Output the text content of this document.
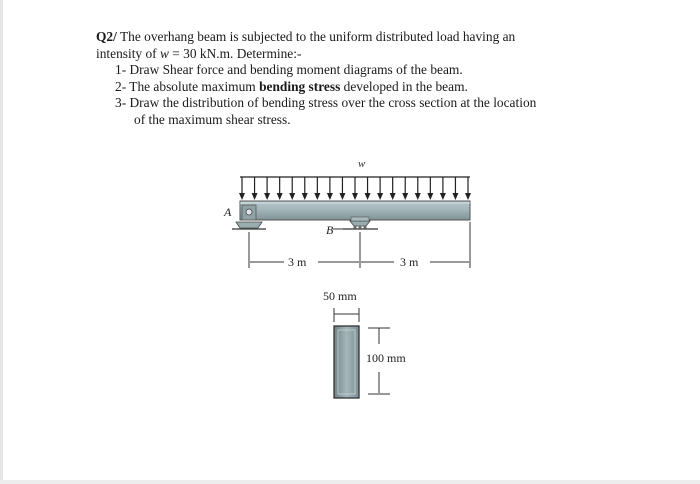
Q2/ The overhang beam is subjected to the uniform distributed load having an
intensity of w = 30 kN.m. Determine:-
1- Draw Shear force and bending moment diagrams of the beam.
2- The absolute maximum bending stress developed in the beam.
3- Draw the distribution of bending stress over the cross section at the location
of the maximum shear stress.
w
A
B
3 m	3 m
50 mm
100 mm
